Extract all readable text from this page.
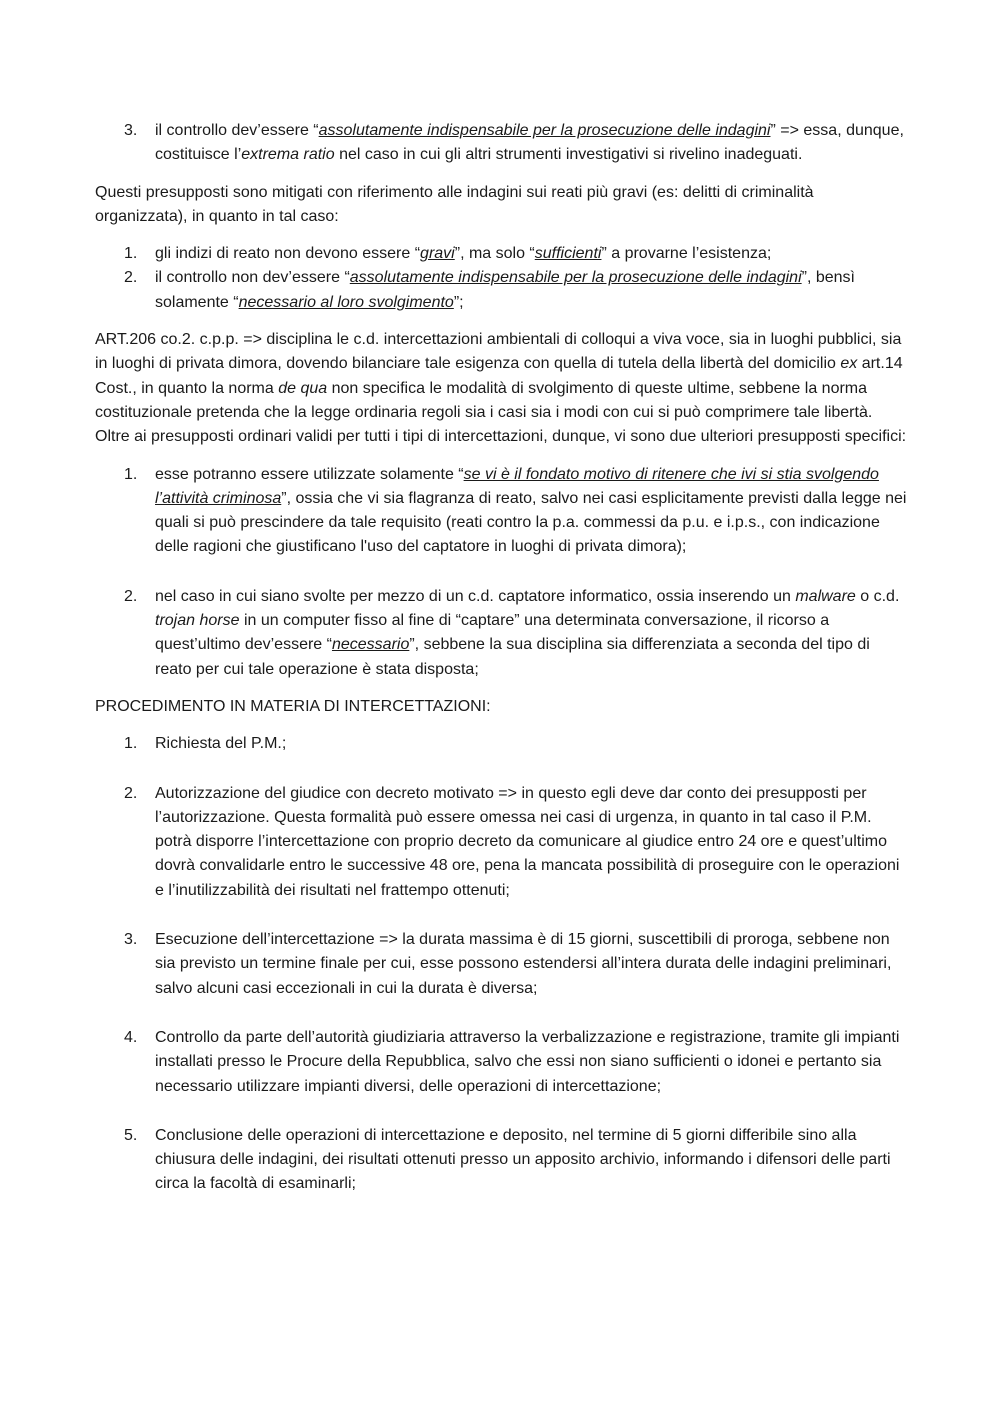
3. il controllo dev’essere “assolutamente indispensabile per la prosecuzione delle indagini” => essa, dunque, costituisce l’extrema ratio nel caso in cui gli altri strumenti investigativi si rivelino inadeguati.

Questi presupposti sono mitigati con riferimento alle indagini sui reati più gravi (es: delitti di criminalità organizzata), in quanto in tal caso:

1. gli indizi di reato non devono essere “gravi”, ma solo “sufficienti” a provarne l’esistenza;
2. il controllo non dev’essere “assolutamente indispensabile per la prosecuzione delle indagini”, bensì solamente “necessario al loro svolgimento”;

ART.206 co.2. c.p.p. => disciplina le c.d. intercettazioni ambientali di colloqui a viva voce, sia in luoghi pubblici, sia in luoghi di privata dimora, dovendo bilanciare tale esigenza con quella di tutela della libertà del domicilio ex art.14 Cost., in quanto la norma de qua non specifica le modalità di svolgimento di queste ultime, sebbene la norma costituzionale pretenda che la legge ordinaria regoli sia i casi sia i modi con cui si può comprimere tale libertà. Oltre ai presupposti ordinari validi per tutti i tipi di intercettazioni, dunque, vi sono due ulteriori presupposti specifici:

1. esse potranno essere utilizzate solamente “se vi è il fondato motivo di ritenere che ivi si stia svolgendo l’attività criminosa”, ossia che vi sia flagranza di reato, salvo nei casi esplicitamente previsti dalla legge nei quali si può prescindere da tale requisito (reati contro la p.a. commessi da p.u. e i.p.s., con indicazione delle ragioni che giustificano l'uso del captatore in luoghi di privata dimora);
2. nel caso in cui siano svolte per mezzo di un c.d. captatore informatico, ossia inserendo un malware o c.d. trojan horse in un computer fisso al fine di “captare” una determinata conversazione, il ricorso a quest’ultimo dev’essere “necessario”, sebbene la sua disciplina sia differenziata a seconda del tipo di reato per cui tale operazione è stata disposta;

PROCEDIMENTO IN MATERIA DI INTERCETTAZIONI:

1. Richiesta del P.M.;
2. Autorizzazione del giudice con decreto motivato => in questo egli deve dar conto dei presupposti per l’autorizzazione. Questa formalità può essere omessa nei casi di urgenza, in quanto in tal caso il P.M. potrà disporre l’intercettazione con proprio decreto da comunicare al giudice entro 24 ore e quest’ultimo dovrà convalidarle entro le successive 48 ore, pena la mancata possibilità di proseguire con le operazioni e l’inutilizzabilità dei risultati nel frattempo ottenuti;
3. Esecuzione dell’intercettazione => la durata massima è di 15 giorni, suscettibili di proroga, sebbene non sia previsto un termine finale per cui, esse possono estendersi all’intera durata delle indagini preliminari, salvo alcuni casi eccezionali in cui la durata è diversa;
4. Controllo da parte dell’autorità giudiziaria attraverso la verbalizzazione e registrazione, tramite gli impianti installati presso le Procure della Repubblica, salvo che essi non siano sufficienti o idonei e pertanto sia necessario utilizzare impianti diversi, delle operazioni di intercettazione;
5. Conclusione delle operazioni di intercettazione e deposito, nel termine di 5 giorni differibile sino alla chiusura delle indagini, dei risultati ottenuti presso un apposito archivio, informando i difensori delle parti circa la facoltà di esaminarli;
